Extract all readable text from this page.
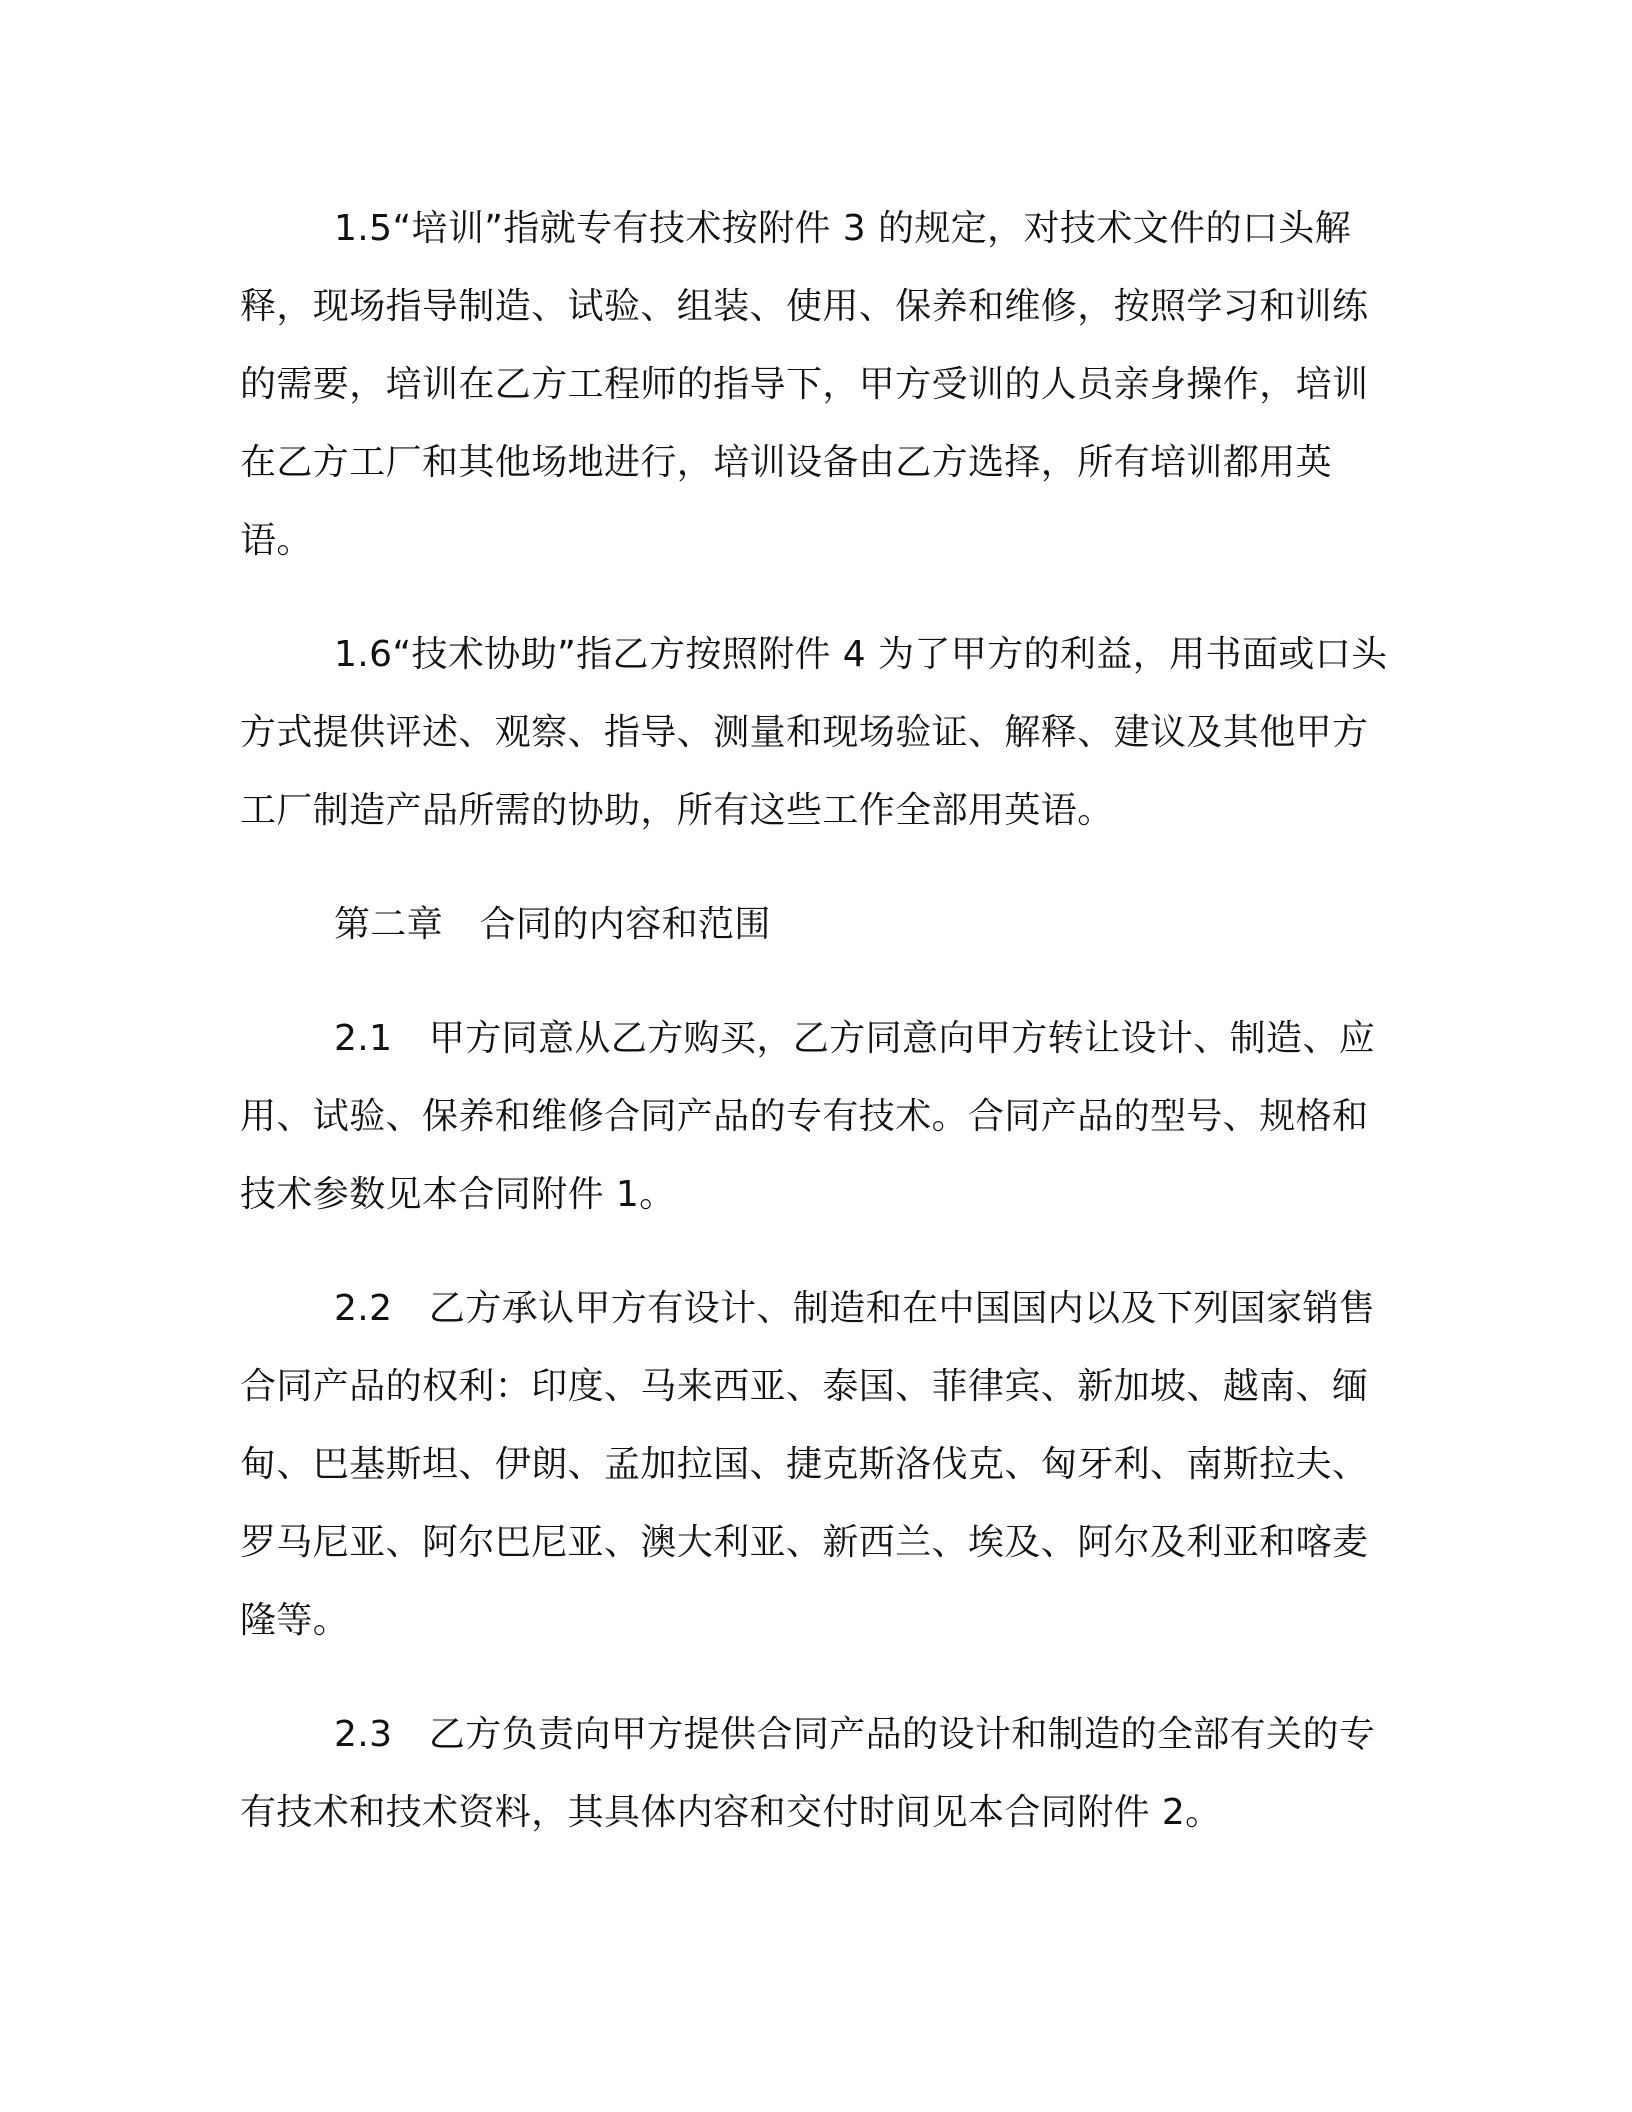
1.5“培训”指就专有技术按附件 3 的规定，对技术文件的口头解释，现场指导制造、试验、组装、使用、保养和维修，按照学习和训练的需要，培训在乙方工程师的指导下，甲方受训的人员亲身操作，培训在乙方工厂和其他场地进行，培训设备由乙方选择，所有培训都用英语。

1.6“技术协助”指乙方按照附件 4 为了甲方的利益，用书面或口头方式提供评述、观察、指导、测量和现场验证、解释、建议及其他甲方工厂制造产品所需的协助，所有这些工作全部用英语。

第二章　合同的内容和范围

2.1　甲方同意从乙方购买，乙方同意向甲方转让设计、制造、应用、试验、保养和维修合同产品的专有技术。合同产品的型号、规格和技术参数见本合同附件 1。

2.2　乙方承认甲方有设计、制造和在中国国内以及下列国家销售合同产品的权利：印度、马来西亚、泰国、菲律宾、新加坡、越南、缅甸、巴基斯坦、伊朗、孟加拉国、捷克斯洛伐克、匈牙利、南斯拉夫、罗马尼亚、阿尔巴尼亚、澳大利亚、新西兰、埃及、阿尔及利亚和喀麦隆等。

2.3　乙方负责向甲方提供合同产品的设计和制造的全部有关的专有技术和技术资料，其具体内容和交付时间见本合同附件 2。
